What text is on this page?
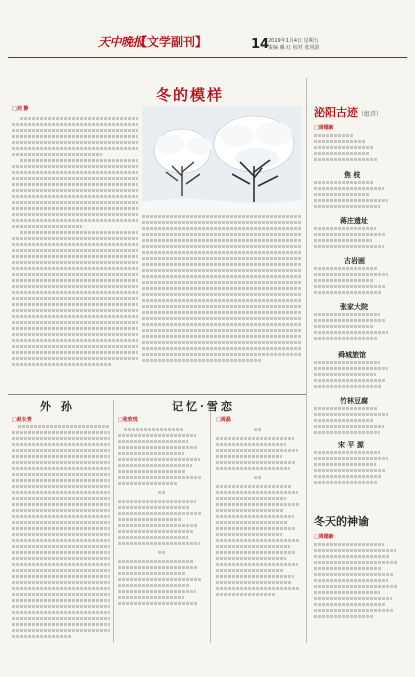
天中晚报
【文学副刊】	14
2019年1月4日 星期五
责编 戴 红 校对 张同韵
冬的模样
□刘 静
外 孙
□赵长青
记忆·雪恋
□张欣悦	□周磊
泌阳古迹（组诗）
□周德新
焦 枝
蒋庄遗址
古岩画
张家大院
舜城旅馆
竹林豆腐
宋 平 源
冬天的神谕
□周德新
